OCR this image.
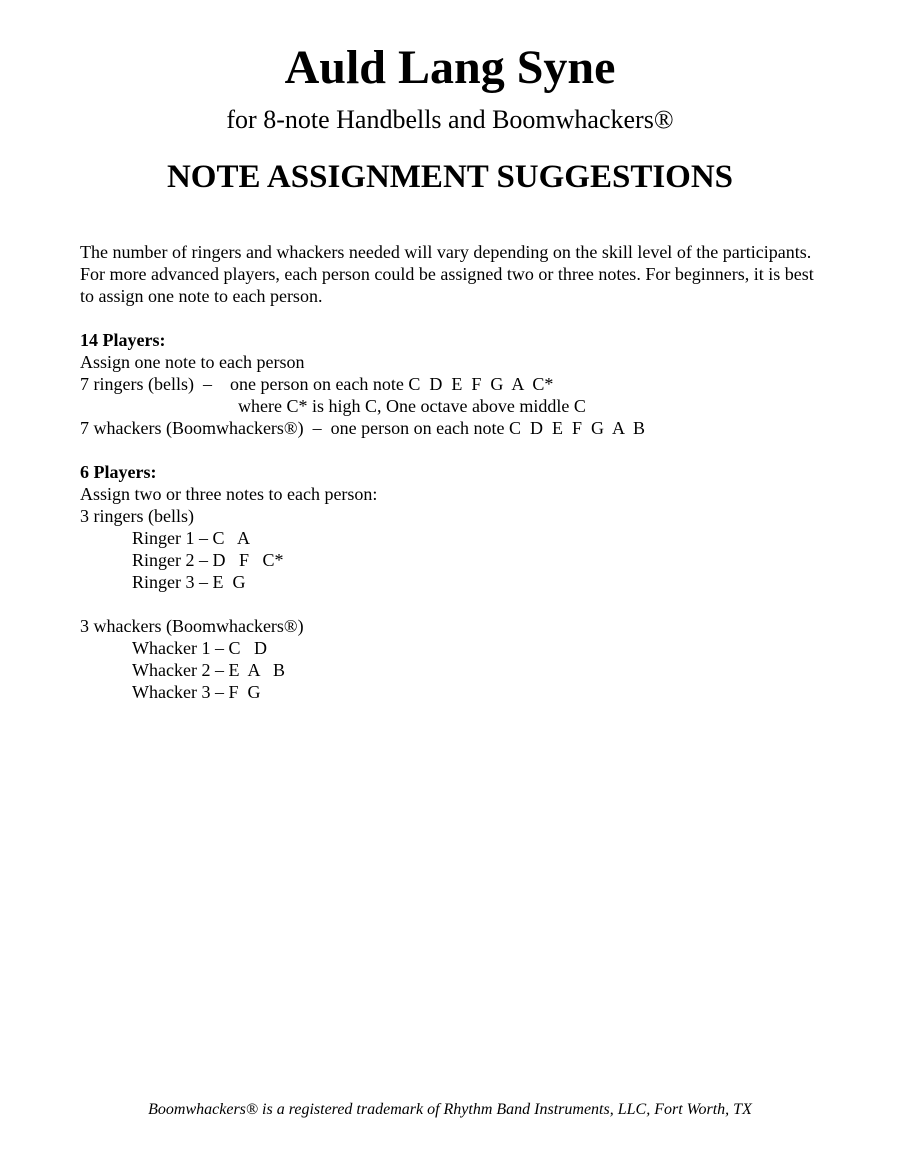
Auld Lang Syne

for 8-note Handbells and Boomwhackers®

NOTE ASSIGNMENT SUGGESTIONS
The number of ringers and whackers needed will vary depending on the skill level of the participants. For more advanced players, each person could be assigned two or three notes. For beginners, it is best to assign one note to each person.
14 Players:
Assign one note to each person
7 ringers (bells)  –    one person on each note C  D  E  F  G  A  C*
where C* is high C, One octave above middle C
7 whackers (Boomwhackers®)  –  one person on each note C  D  E  F  G  A  B
6 Players:
Assign two or three notes to each person:
3 ringers (bells)
Ringer 1 – C   A
Ringer 2 – D   F   C*
Ringer 3 – E  G
3 whackers (Boomwhackers®)
Whacker 1 – C   D
Whacker 2 – E  A   B
Whacker 3 – F  G

Boomwhackers® is a registered trademark of Rhythm Band Instruments, LLC, Fort Worth, TX
